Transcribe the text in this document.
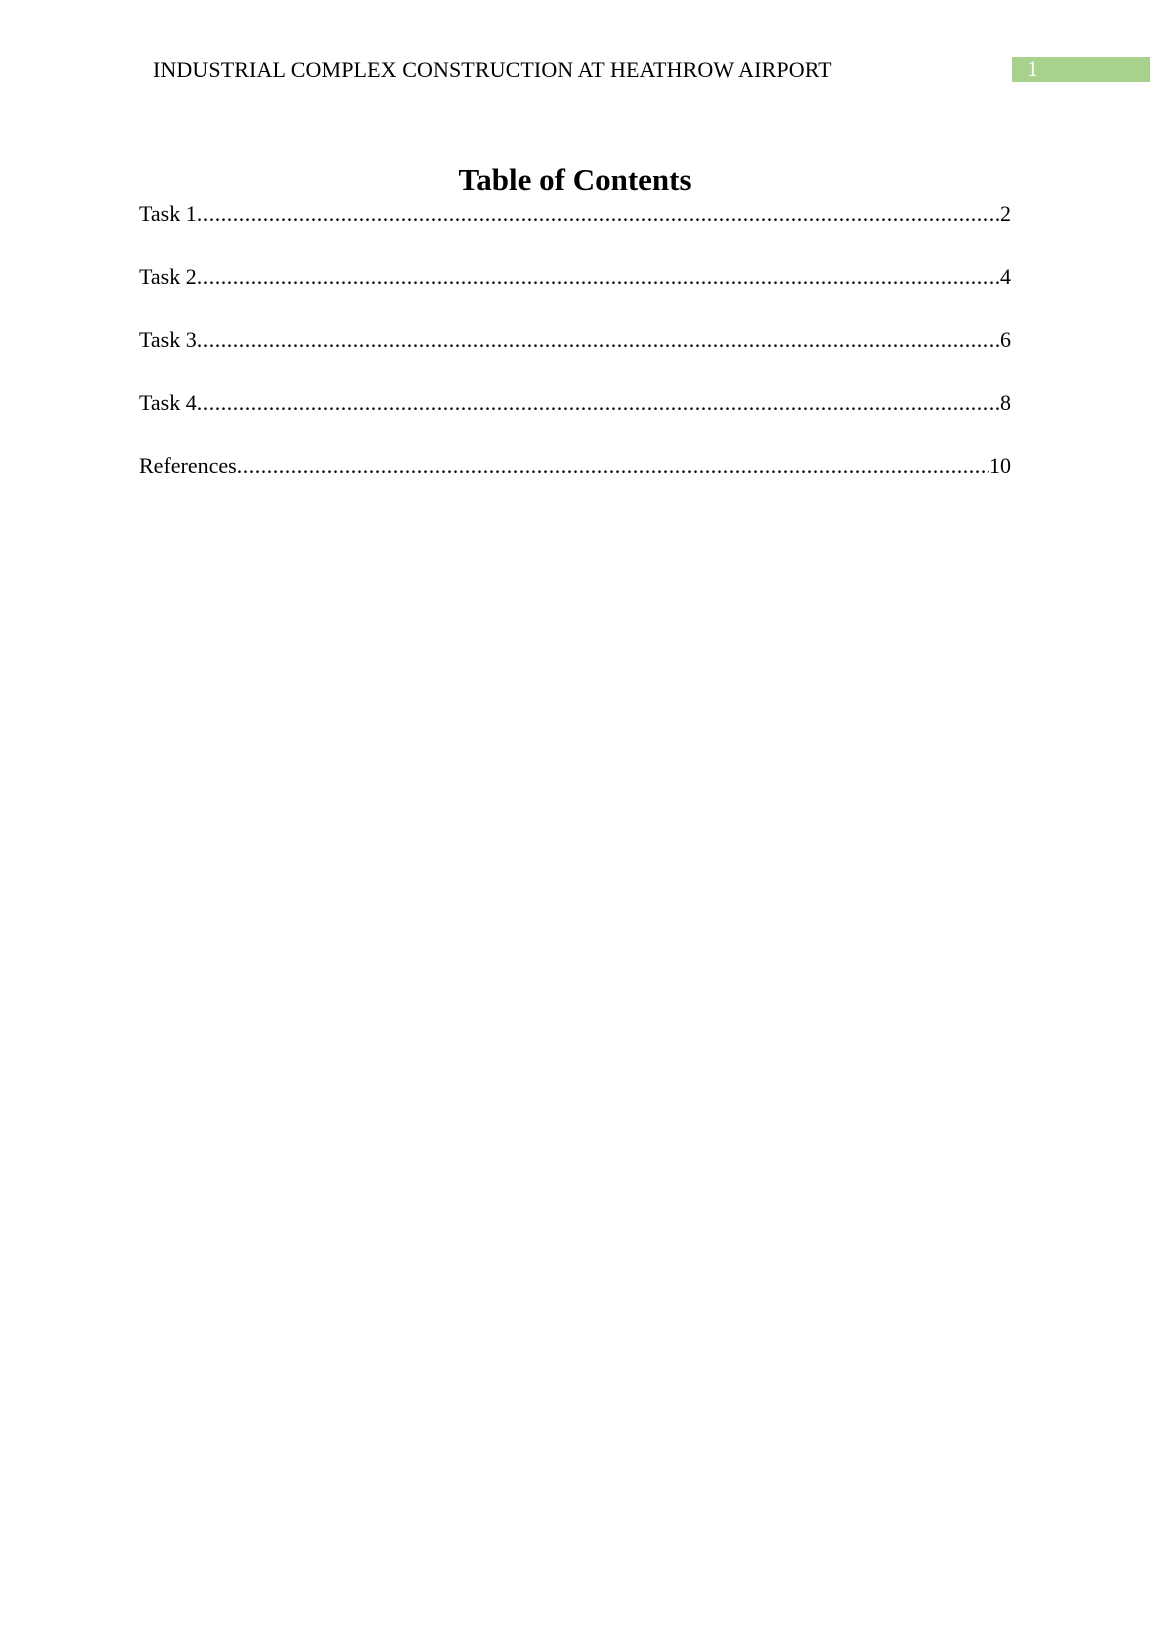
INDUSTRIAL COMPLEX CONSTRUCTION AT HEATHROW AIRPORT	1
Table of Contents
Task 1 .....	2
Task 2 .....	4
Task 3 .....	6
Task 4 .....	8
References .....	10
